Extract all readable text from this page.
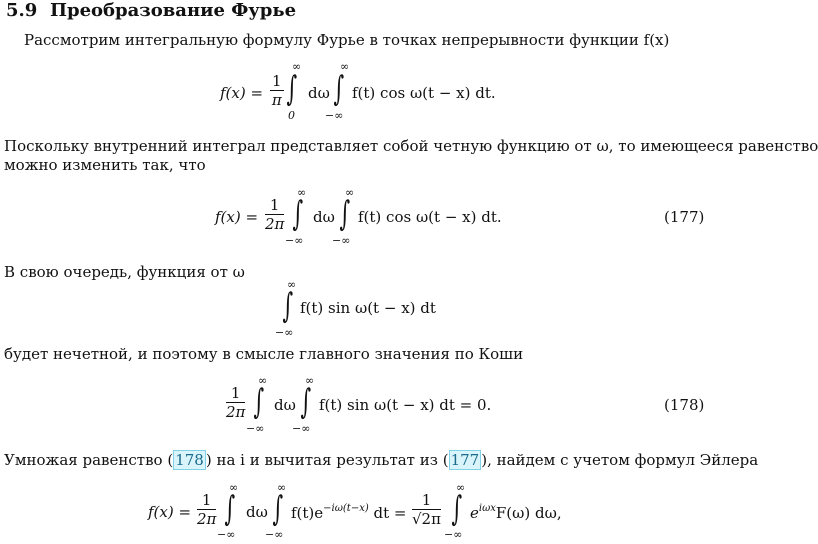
5.9 Преобразование Фурье
Рассмотрим интегральную формулу Фурье в точках непрерывности функции f(x)
$f(x) = \frac{1}{\pi}$
∞
∫
0
dω
∞
∫
−∞
f(t) cos ω(t − x) dt.
Поскольку внутренний интеграл представляет собой четную функцию от ω, то имеющееся равенство
можно изменить так, что
$f(x) = \frac{1}{2\pi}$
∞
∫
−∞
dω
∞
∫
−∞
f(t) cos ω(t − x) dt.	(177)
В свою очередь, функция от ω
∞
∫
−∞
f(t) sin ω(t − x) dt
будет нечетной, и поэтому в смысле главного значения по Коши
$\frac{1}{2\pi}$
∞
∫
−∞
dω
∞
∫
−∞
f(t) sin ω(t − x) dt = 0.	(178)
Умножая равенство ( 178 ) на i и вычитая результат из ( 177 ), найдем с учетом формул Эйлера
$f(x) = \frac{1}{2\pi}$
∞
∫
−∞
dω
∞
∫
−∞
$f(t)e^{-i\omega(t-x)}$ dt = $\frac{1}{√2\pi}$
∞
∫
−∞
$e^{i\omega x}F(\omega)$ dω,
